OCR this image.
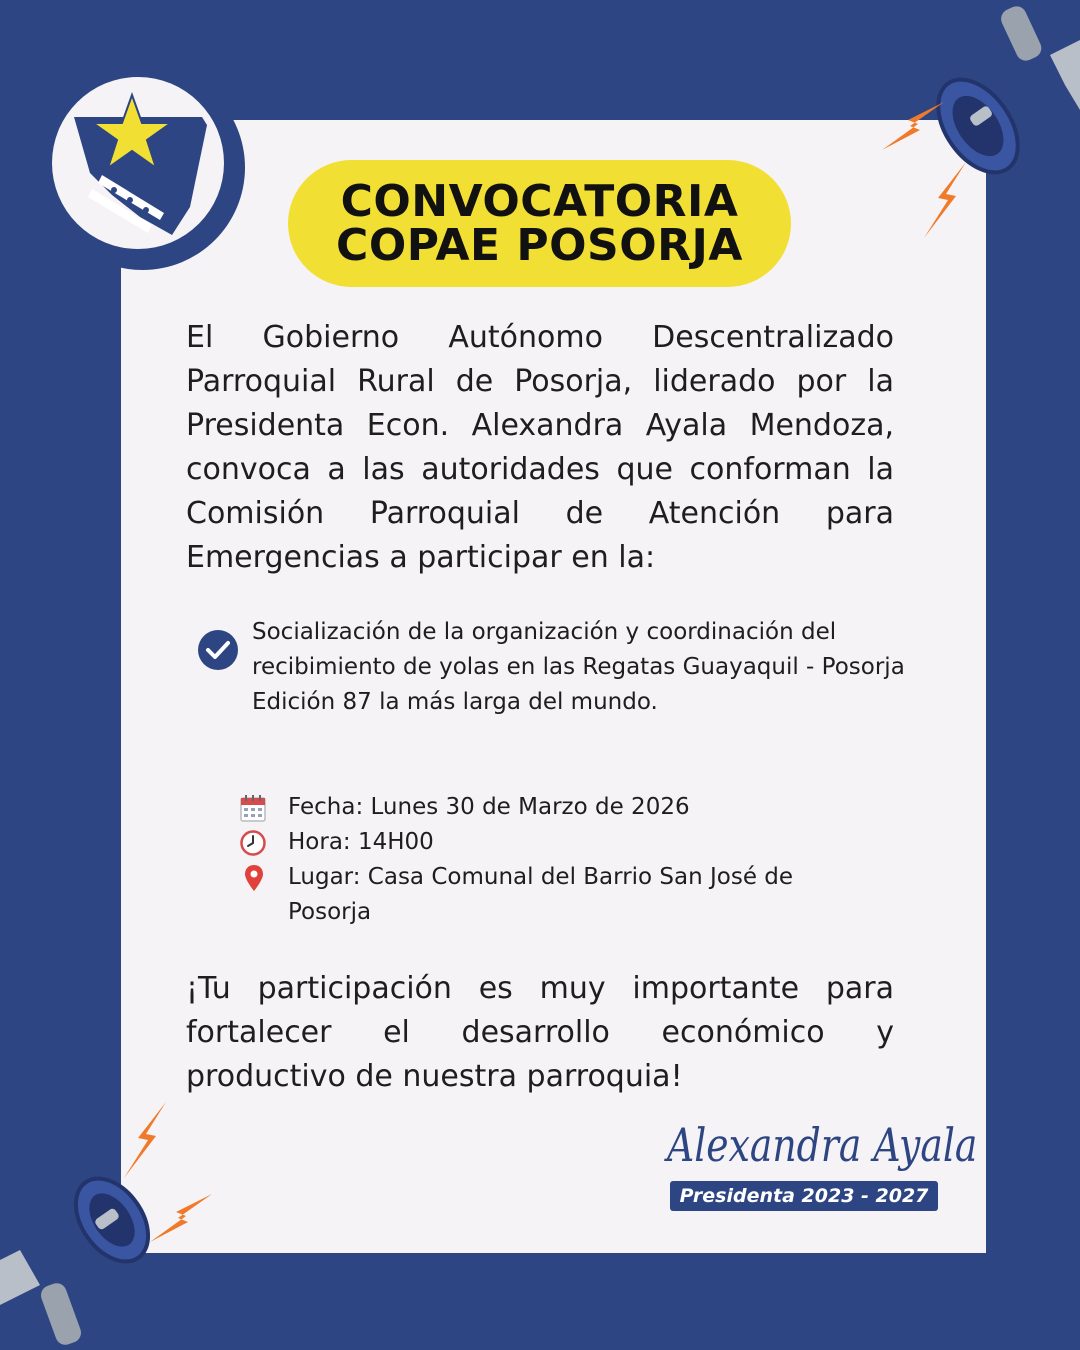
CONVOCATORIA
COPAE POSORJA

El Gobierno Autónomo Descentralizado Parroquial Rural de Posorja, liderado por la Presidenta Econ. Alexandra Ayala Mendoza, convoca a las autoridades que conforman la Comisión Parroquial de Atención para Emergencias a participar en la:

Socialización de la organización y coordinación del recibimiento de yolas en las Regatas Guayaquil - Posorja Edición 87 la más larga del mundo.

Fecha: Lunes 30 de Marzo de 2026
Hora: 14H00
Lugar: Casa Comunal del Barrio San José de Posorja

¡Tu participación es muy importante para fortalecer el desarrollo económico y productivo de nuestra parroquia!

Alexandra Ayala
Presidenta 2023 - 2027
